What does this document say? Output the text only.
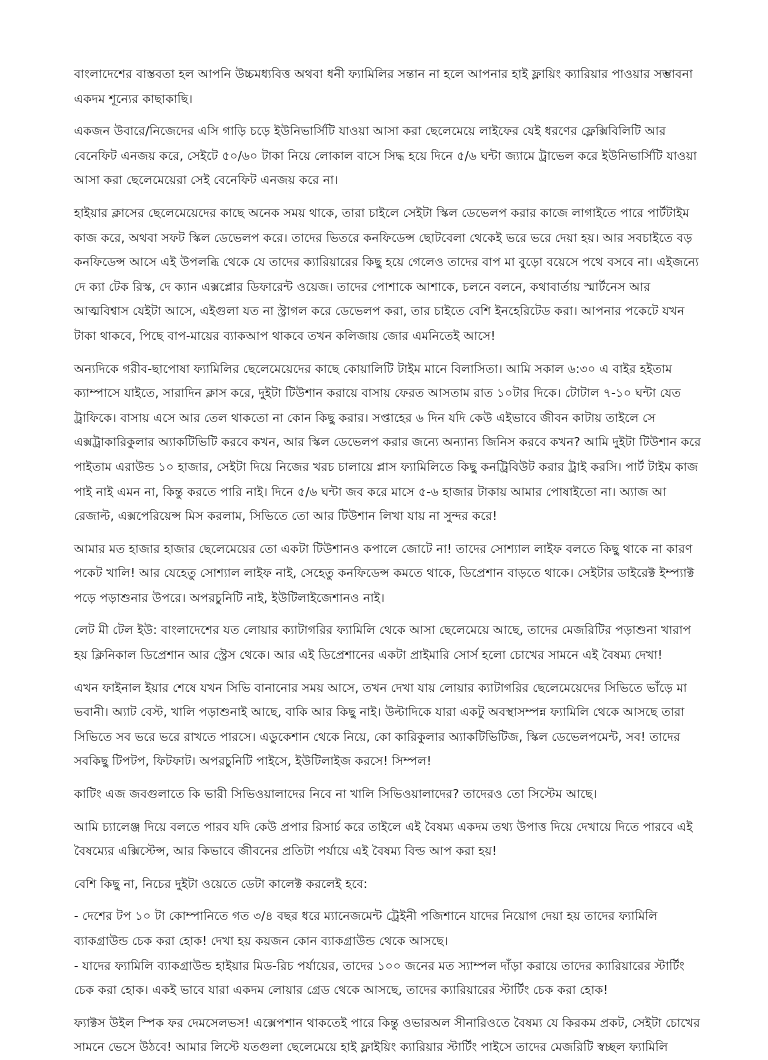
বাংলাদেশের বাস্তবতা হল আপনি উচ্চমধ্যবিত্ত অথবা ধনী ফ্যামিলির সন্তান না হলে আপনার হাই ফ্লায়িং ক্যারিয়ার পাওয়ার সম্ভাবনা একদম শূন্যের কাছাকাছি।

একজন উবারে/নিজেদের এসি গাড়ি চড়ে ইউনিভার্সিটি যাওয়া আসা করা ছেলেমেয়ে লাইফের যেই ধরণের ফ্লেক্সিবিলিটি আর বেনেফিট এনজয় করে, সেইটে ৫০/৬০ টাকা নিয়ে লোকাল বাসে সিদ্ধ হয়ে দিনে ৫/৬ ঘন্টা জ্যামে ট্রাভেল করে ইউনিভার্সিটি যাওয়া আসা করা ছেলেমেয়েরা সেই বেনেফিট এনজয় করে না।

হাইয়ার ক্লাসের ছেলেমেয়েদের কাছে অনেক সময় থাকে, তারা চাইলে সেইটা স্কিল ডেভেলপ করার কাজে লাগাইতে পারে পার্টটাইম কাজ করে, অথবা সফট স্কিল ডেভেলপ করে। তাদের ভিতরে কনফিডেন্স ছোটবেলা থেকেই ভরে ভরে দেয়া হয়। আর সবচাইতে বড় কনফিডেন্স আসে এই উপলব্ধি থেকে যে তাদের ক্যারিয়ারের কিছু হয়ে গেলেও তাদের বাপ মা বুড়ো বয়েসে পথে বসবে না। এইজন্যে দে ক্যা টেক রিস্ক, দে ক্যান এক্সপ্লোর ডিফারেন্ট ওয়েজ। তাদের পোশাকে আশাকে, চলনে বলনে, কথাবার্তায় স্মার্টনেস আর আত্মবিশ্বাস যেইটা আসে, এইগুলা যত না স্ট্রাগল করে ডেভেলপ করা, তার চাইতে বেশি ইনহেরিটেড করা। আপনার পকেটে যখন টাকা থাকবে, পিছে বাপ-মায়ের ব্যাকআপ থাকবে তখন কলিজায় জোর এমনিতেই আসে!

অন্যদিকে গরীব-ছাপোষা ফ্যামিলির ছেলেমেয়েদের কাছে কোয়ালিটি টাইম মানে বিলাসিতা। আমি সকাল ৬:৩০ এ বাইর হইতাম ক্যাম্পাসে যাইতে, সারাদিন ক্লাস করে, দুইটা টিউশান করায়ে বাসায় ফেরত আসতাম রাত ১০টার দিকে। টোটাল ৭-১০ ঘন্টা যেত ট্রাফিকে। বাসায় এসে আর তেল থাকতো না কোন কিছু করার। সপ্তাহের ৬ দিন যদি কেউ এইভাবে জীবন কাটায় তাইলে সে এক্সট্রাকারিকুলার অ্যাকটিভিটি করবে কখন, আর স্কিল ডেভেলপ করার জন্যে অন্যান্য জিনিস করবে কখন? আমি দুইটা টিউশান করে পাইতাম এরাউন্ড ১০ হাজার, সেইটা দিয়ে নিজের খরচ চালায়ে প্লাস ফ্যামিলিতে কিছু কনট্রিবিউট করার ট্রাই করসি। পার্ট টাইম কাজ পাই নাই এমন না, কিন্তু করতে পারি নাই। দিনে ৫/৬ ঘন্টা জব করে মাসে ৫-৬ হাজার টাকায় আমার পোষাইতো না। অ্যাজ আ রেজাল্ট, এক্সপেরিয়েন্স মিস করলাম, সিভিতে তো আর টিউশান লিখা যায় না সুন্দর করে!

আমার মত হাজার হাজার ছেলেমেয়ের তো একটা টিউশানও কপালে জোটে না! তাদের সোশ্যাল লাইফ বলতে কিছু থাকে না কারণ পকেট খালি! আর যেহেতু সোশ্যাল লাইফ নাই, সেহেতু কনফিডেন্স কমতে থাকে, ডিপ্রেশান বাড়তে থাকে। সেইটার ডাইরেক্ট ইম্প্যাক্ট পড়ে পড়াশুনার উপরে। অপরচুনিটি নাই, ইউটিলাইজেশানও নাই।

লেট মী টেল ইউ: বাংলাদেশের যত লোয়ার ক্যাটাগরির ফ্যামিলি থেকে আসা ছেলেমেয়ে আছে, তাদের মেজরিটির পড়াশুনা খারাপ হয় ক্লিনিকাল ডিপ্রেশান আর স্ট্রেস থেকে। আর এই ডিপ্রেশানের একটা প্রাইমারি সোর্স হলো চোখের সামনে এই বৈষম্য দেখা!

এখন ফাইনাল ইয়ার শেষে যখন সিভি বানানোর সময় আসে, তখন দেখা যায় লোয়ার ক্যাটাগরির ছেলেমেয়েদের সিভিতে ভাঁড়ে মা ভবানী। অ্যাট বেস্ট, খালি পড়াশুনাই আছে, বাকি আর কিছু নাই। উল্টাদিকে যারা একটু অবস্থাসম্পন্ন ফ্যামিলি থেকে আসছে তারা সিভিতে সব ভরে ভরে রাখতে পারসে। এডুকেশান থেকে নিয়ে, কো কারিকুলার অ্যাকটিভিটিজ, স্কিল ডেভেলপমেন্ট, সব! তাদের সবকিছু টিপটপ, ফিটফাট। অপরচুনিটি পাইসে, ইউটিলাইজ করসে! সিম্পল!

কাটিং এজ জবগুলাতে কি ভারী সিভিওয়ালাদের নিবে না খালি সিভিওয়ালাদের? তাদেরও তো সিস্টেম আছে।

আমি চ্যালেঞ্জ দিয়ে বলতে পারব যদি কেউ প্রপার রিসার্চ করে তাইলে এই বৈষম্য একদম তথ্য উপাত্ত দিয়ে দেখায়ে দিতে পারবে এই বৈষম্যের এক্সিস্টেন্স, আর কিভাবে জীবনের প্রতিটা পর্যায়ে এই বৈষম্য বিল্ড আপ করা হয়!

বেশি কিছু না, নিচের দুইটা ওয়েতে ডেটা কালেক্ট করলেই হবে:

- দেশের টপ ১০ টা কোম্পানিতে গত ৩/৪ বছর ধরে ম্যানেজমেন্ট ট্রেইনী পজিশানে যাদের নিয়োগ দেয়া হয় তাদের ফ্যামিলি ব্যাকগ্রাউন্ড চেক করা হোক! দেখা হয় কয়জন কোন ব্যাকগ্রাউন্ড থেকে আসছে।

- যাদের ফ্যামিলি ব্যাকগ্রাউন্ড হাইয়ার মিড-রিচ পর্যায়ের, তাদের ১০০ জনের মত স্যাম্পল দাঁড়া করায়ে তাদের ক্যারিয়ারের স্টার্টিং চেক করা হোক। একই ভাবে যারা একদম লোয়ার গ্রেড থেকে আসছে, তাদের ক্যারিয়ারের স্টার্টিং চেক করা হোক!

ফ্যাক্টস উইল স্পিক ফর দেমসেলভস! এক্সেপশান থাকতেই পারে কিন্তু ওভারঅল সীনারিওতে বৈষম্য যে কিরকম প্রকট, সেইটা চোখের সামনে ভেসে উঠবে! আমার লিস্টে যতগুলা ছেলেমেয়ে হাই ফ্লাইয়িং ক্যারিয়ার স্টার্টিং পাইসে তাদের মেজরিটি স্বচ্ছল ফ্যামিলি
